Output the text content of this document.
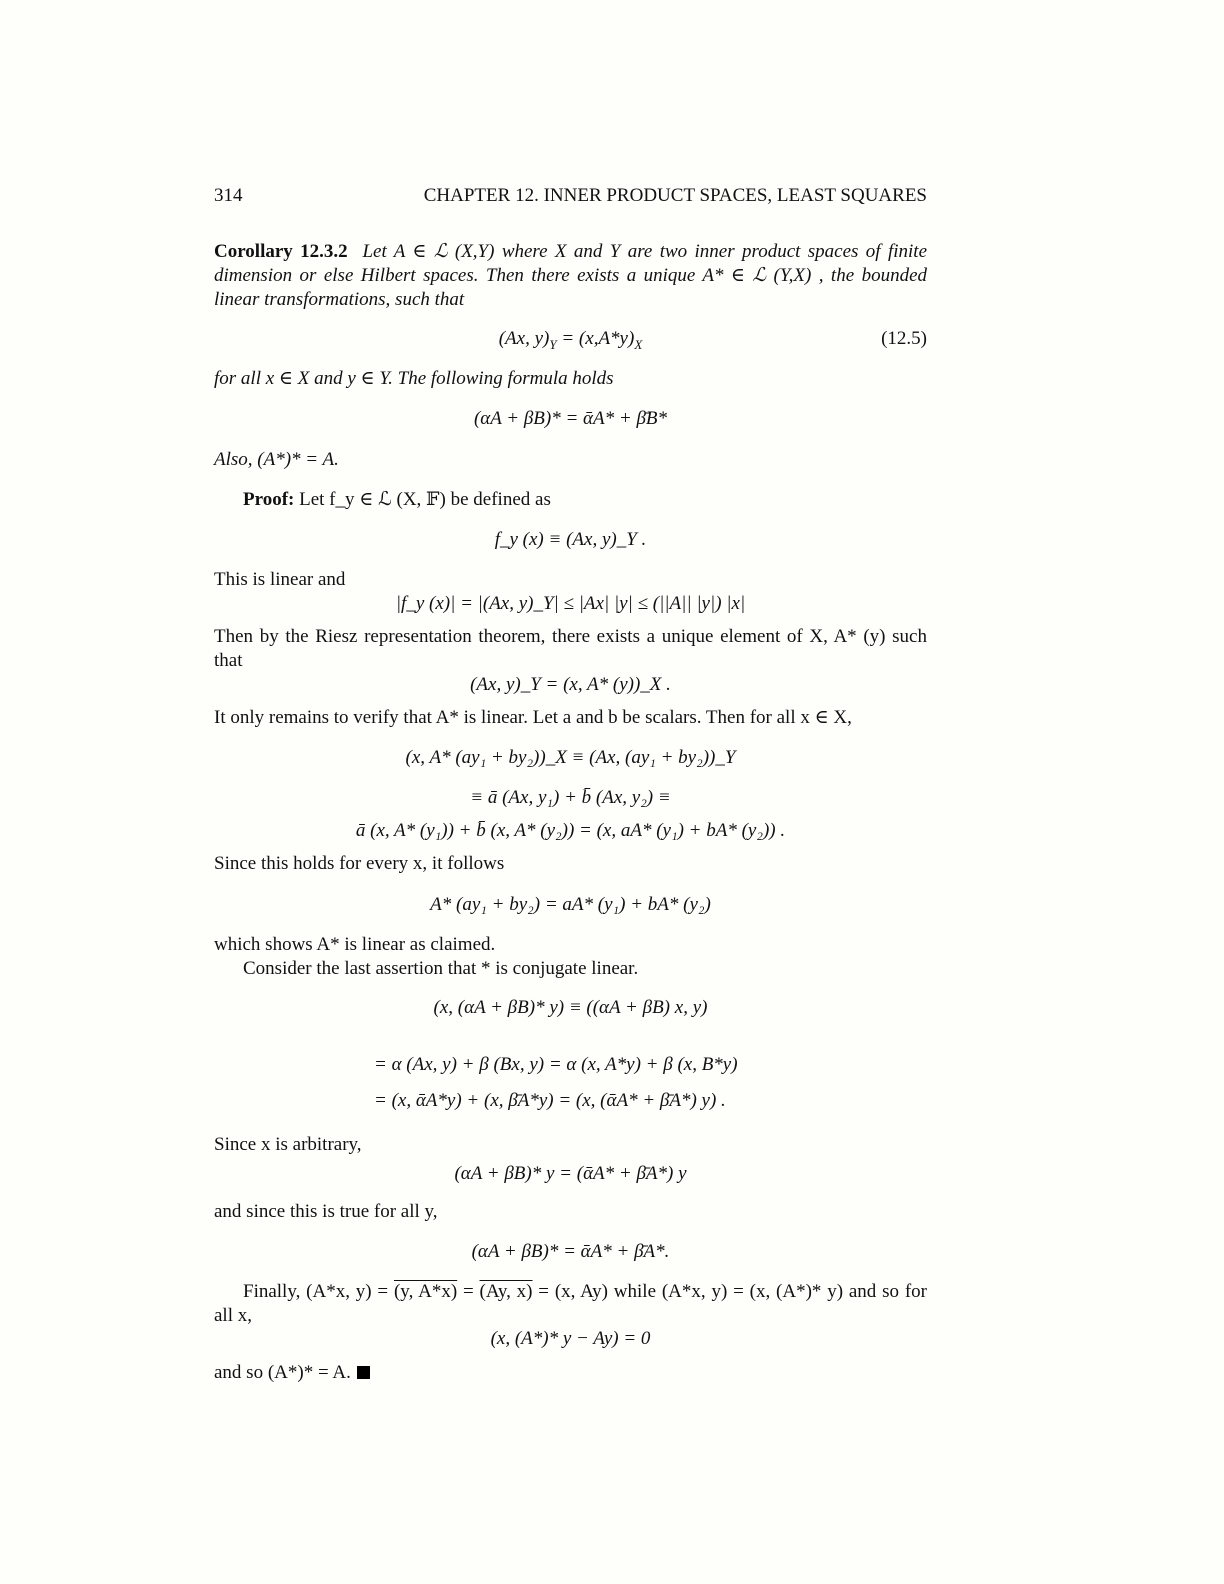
314	CHAPTER 12. INNER PRODUCT SPACES, LEAST SQUARES
Corollary 12.3.2 Let A ∈ ℒ (X,Y) where X and Y are two inner product spaces of finite
dimension or else Hilbert spaces. Then there exists a unique A* ∈ ℒ (Y,X) , the bounded
linear transformations, such that
(Ax, $y)_Y = (x,A*y)_X$	(12.5)
for all x ∈ X and y ∈ Y. The following formula holds
(αA + βB)* = ᾱA* + β̄B*
Also, (A*)* = A.
Proof: Let f_y ∈ ℒ (X, 𝔽) be defined as
f_y (x) ≡ (Ax, y)_Y .
This is linear and
|f_y (x)| = |(Ax, y)_Y| ≤ |Ax| |y| ≤ (||A|| |y|) |x|
Then by the Riesz representation theorem, there exists a unique element of X, A* (y) such
that
(Ax, y)_Y = (x, A* (y))_X .
It only remains to verify that A* is linear. Let a and b be scalars. Then for all x ∈ X,
(x, A* (ay₁ + by₂))_X ≡ (Ax, (ay₁ + by₂))_Y
≡ ā (Ax, y₁) + b̄ (Ax, y₂) ≡
ā (x, A* (y₁)) + b̄ (x, A* (y₂)) = (x, aA* (y₁) + bA* (y₂)) .
Since this holds for every x, it follows
A* (ay₁ + by₂) = aA* (y₁) + bA* (y₂)
which shows A* is linear as claimed.
Consider the last assertion that * is conjugate linear.
(x, (αA + βB)* y) ≡ ((αA + βB) x, y)
= α (Ax, y) + β (Bx, y) = α (x, A*y) + β (x, B*y)
= (x, ᾱA*y) + (x, β̄A*y) = (x, (ᾱA* + β̄A*) y) .
Since x is arbitrary,
(αA + βB)* y = (ᾱA* + β̄A*) y
and since this is true for all y,
(αA + βB)* = ᾱA* + β̄A*.
Finally, (A*x, y) = (y, A*x) = (Ay, x) = (x, Ay) while (A*x, y) = (x, (A*)* y) and so for
all x,
(x, (A*)* y − Ay) = 0
and so (A*)* = A.
